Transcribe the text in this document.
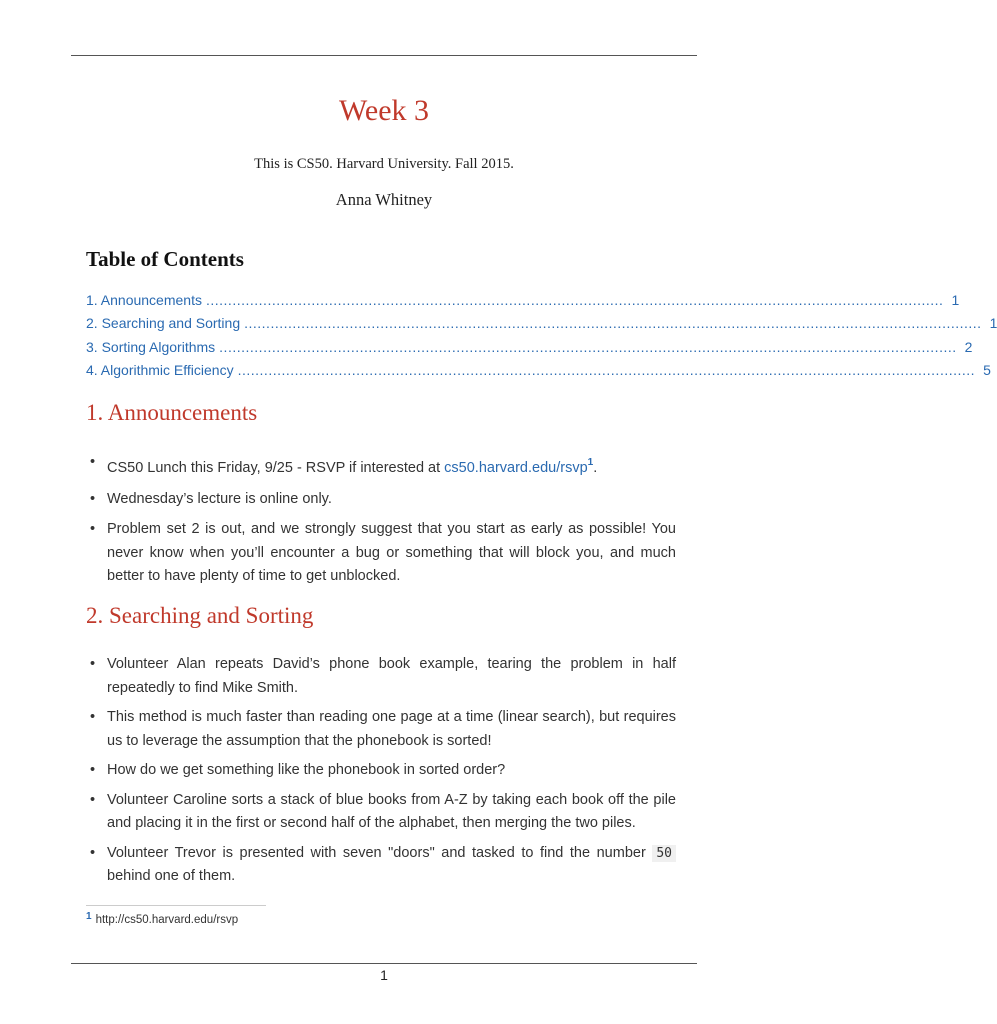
Week 3
This is CS50. Harvard University. Fall 2015.
Anna Whitney
Table of Contents
1. Announcements ........................................................................................................................................................................ 1
2. Searching and Sorting ........................................................................................................................................................................ 1
3. Sorting Algorithms ........................................................................................................................................................................ 2
4. Algorithmic Efficiency ........................................................................................................................................................................ 5
1. Announcements
• CS50 Lunch this Friday, 9/25 - RSVP if interested at cs50.harvard.edu/rsvp$^1$.
• Wednesday’s lecture is online only.
• Problem set 2 is out, and we strongly suggest that you start as early as possible! You never know when you’ll encounter a bug or something that will block you, and much better to have plenty of time to get unblocked.
2. Searching and Sorting
• Volunteer Alan repeats David’s phone book example, tearing the problem in half repeatedly to find Mike Smith.
• This method is much faster than reading one page at a time (linear search), but requires us to leverage the assumption that the phonebook is sorted!
• How do we get something like the phonebook in sorted order?
• Volunteer Caroline sorts a stack of blue books from A-Z by taking each book off the pile and placing it in the first or second half of the alphabet, then merging the two piles.
• Volunteer Trevor is presented with seven "doors" and tasked to find the number 50 behind one of them.
1 http://cs50.harvard.edu/rsvp
1
